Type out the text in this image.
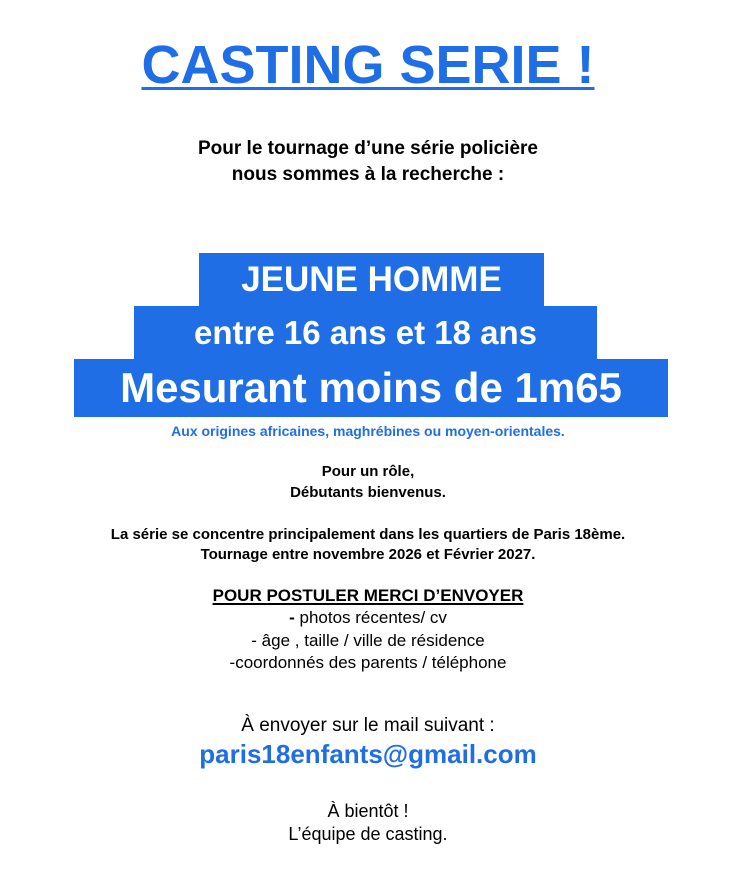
CASTING SERIE !
Pour le tournage d’une série policière
nous sommes à la recherche :
JEUNE HOMME
entre 16 ans et 18 ans
Mesurant moins de 1m65
Aux origines africaines, maghrébines ou moyen-orientales.
Pour un rôle,
Débutants bienvenus.
La série se concentre principalement dans les quartiers de Paris 18ème.
Tournage entre novembre 2026 et Février 2027.
POUR POSTULER MERCI D’ENVOYER
- photos récentes/ cv
- âge , taille / ville de résidence
-coordonnés des parents / téléphone
À envoyer sur le mail suivant :
paris18enfants@gmail.com
À bientôt !
L’équipe de casting.
